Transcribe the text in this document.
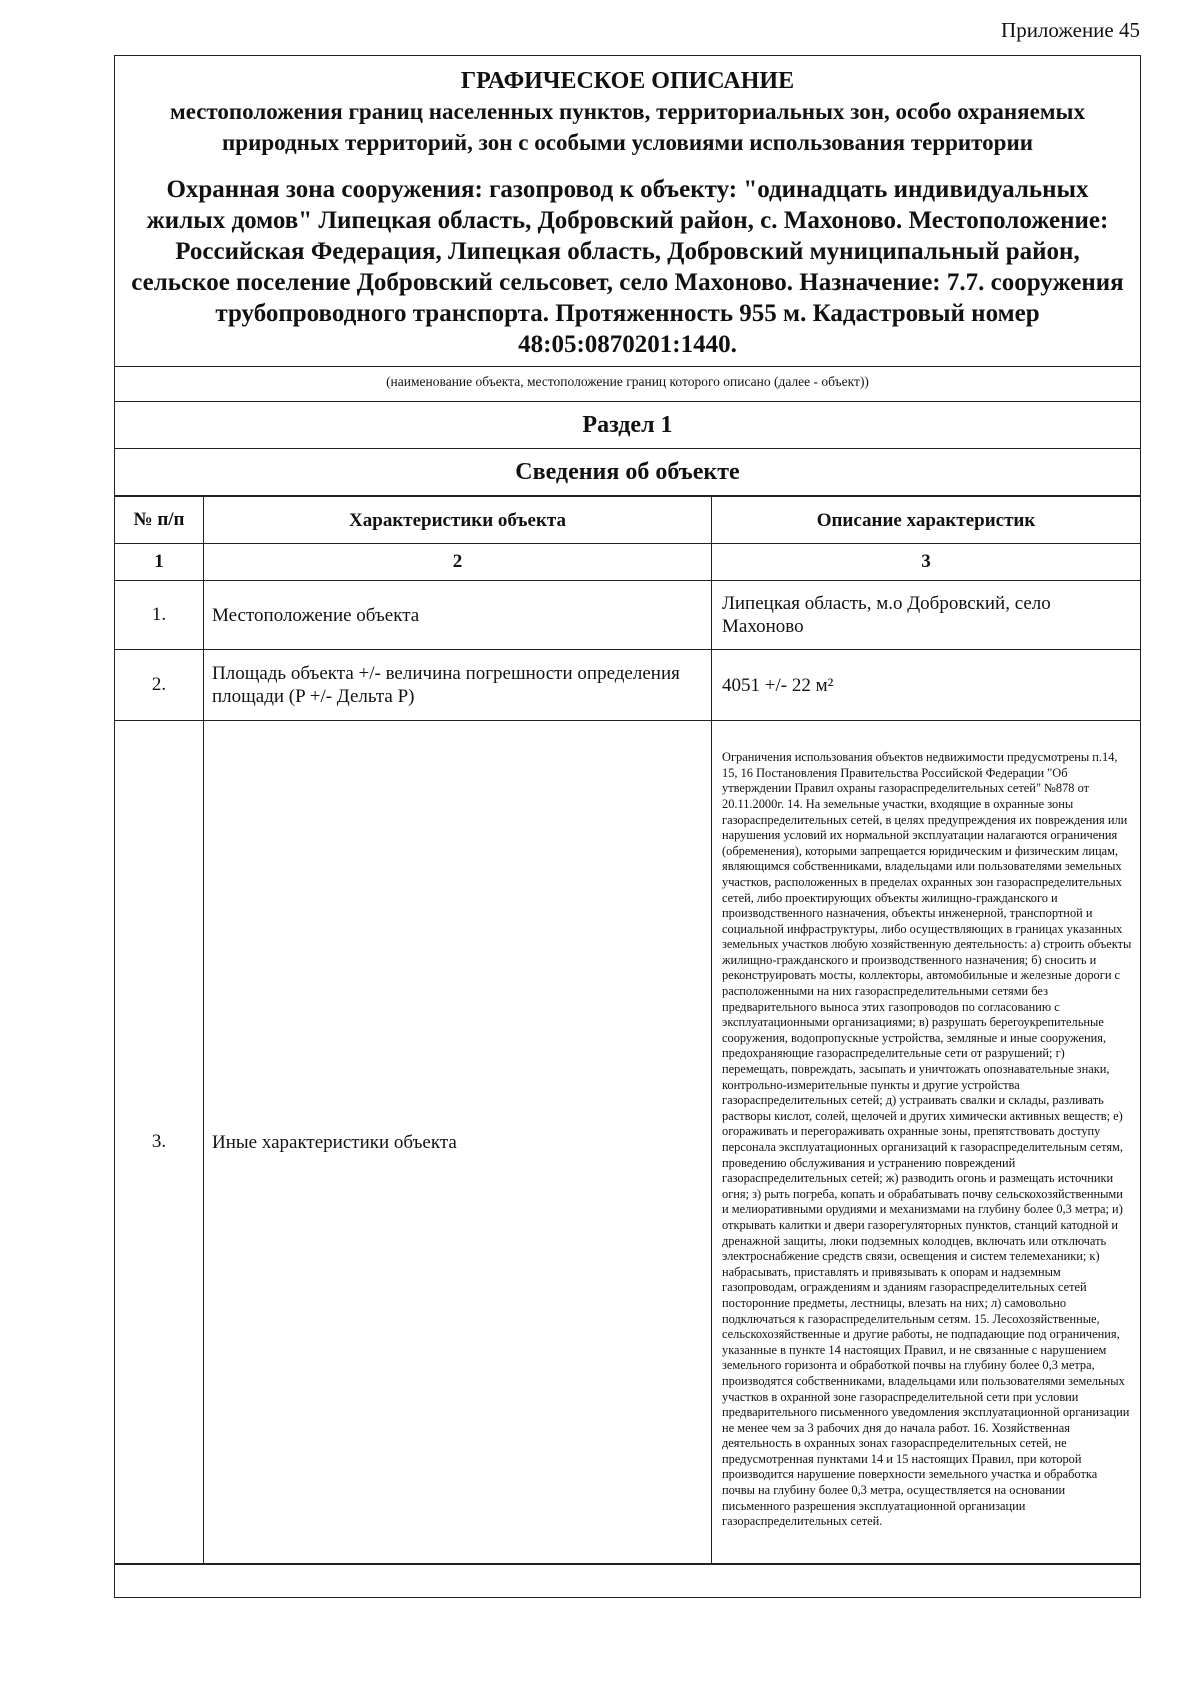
Приложение 45
ГРАФИЧЕСКОЕ ОПИСАНИЕ
местоположения границ населенных пунктов, территориальных зон, особо охраняемых природных территорий, зон с особыми условиями использования территории
Охранная зона сооружения: газопровод к объекту: "одинадцать индивидуальных жилых домов" Липецкая область, Добровский район, с. Махоново. Местоположение: Российская Федерация, Липецкая область, Добровский муниципальный район, сельское поселение Добровский сельсовет, село Махоново. Назначение: 7.7. сооружения трубопроводного транспорта. Протяженность 955 м. Кадастровый номер 48:05:0870201:1440.
(наименование объекта, местоположение границ которого описано (далее - объект))
Раздел 1
Сведения об объекте
№ п/п	Характеристики объекта	Описание характеристик
1	2	3
1.	Местоположение объекта	Липецкая область, м.о Добровский, село Махоново
2.	Площадь объекта +/- величина погрешности определения площади (P +/- Дельта P)	4051 +/- 22 м²
3.	Иные характеристики объекта	Ограничения использования объектов недвижимости предусмотрены п.14, 15, 16 Постановления Правительства Российской Федерации "Об утверждении Правил охраны газораспределительных сетей" №878 от 20.11.2000г. 14. На земельные участки, входящие в охранные зоны газораспределительных сетей, в целях предупреждения их повреждения или нарушения условий их нормальной эксплуатации налагаются ограничения (обременения), которыми запрещается юридическим и физическим лицам, являющимся собственниками, владельцами или пользователями земельных участков, расположенных в пределах охранных зон газораспределительных сетей, либо проектирующих объекты жилищно-гражданского и производственного назначения, объекты инженерной, транспортной и социальной инфраструктуры, либо осуществляющих в границах указанных земельных участков любую хозяйственную деятельность: а) строить объекты жилищно-гражданского и производственного назначения; б) сносить и реконструировать мосты, коллекторы, автомобильные и железные дороги с расположенными на них газораспределительными сетями без предварительного выноса этих газопроводов по согласованию с эксплуатационными организациями; в) разрушать берегоукрепительные сооружения, водопропускные устройства, земляные и иные сооружения, предохраняющие газораспределительные сети от разрушений; г) перемещать, повреждать, засыпать и уничтожать опознавательные знаки, контрольно-измерительные пункты и другие устройства газораспределительных сетей; д) устраивать свалки и склады, разливать растворы кислот, солей, щелочей и других химически активных веществ; е) огораживать и перегораживать охранные зоны, препятствовать доступу персонала эксплуатационных организаций к газораспределительным сетям, проведению обслуживания и устранению повреждений газораспределительных сетей; ж) разводить огонь и размещать источники огня; з) рыть погреба, копать и обрабатывать почву сельскохозяйственными и мелиоративными орудиями и механизмами на глубину более 0,3 метра; и) открывать калитки и двери газорегуляторных пунктов, станций катодной и дренажной защиты, люки подземных колодцев, включать или отключать электроснабжение средств связи, освещения и систем телемеханики; к) набрасывать, приставлять и привязывать к опорам и надземным газопроводам, ограждениям и зданиям газораспределительных сетей посторонние предметы, лестницы, влезать на них; л) самовольно подключаться к газораспределительным сетям. 15. Лесохозяйственные, сельскохозяйственные и другие работы, не подпадающие под ограничения, указанные в пункте 14 настоящих Правил, и не связанные с нарушением земельного горизонта и обработкой почвы на глубину более 0,3 метра, производятся собственниками, владельцами или пользователями земельных участков в охранной зоне газораспределительной сети при условии предварительного письменного уведомления эксплуатационной организации не менее чем за 3 рабочих дня до начала работ. 16. Хозяйственная деятельность в охранных зонах газораспределительных сетей, не предусмотренная пунктами 14 и 15 настоящих Правил, при которой производится нарушение поверхности земельного участка и обработка почвы на глубину более 0,3 метра, осуществляется на основании письменного разрешения эксплуатационной организации газораспределительных сетей.
